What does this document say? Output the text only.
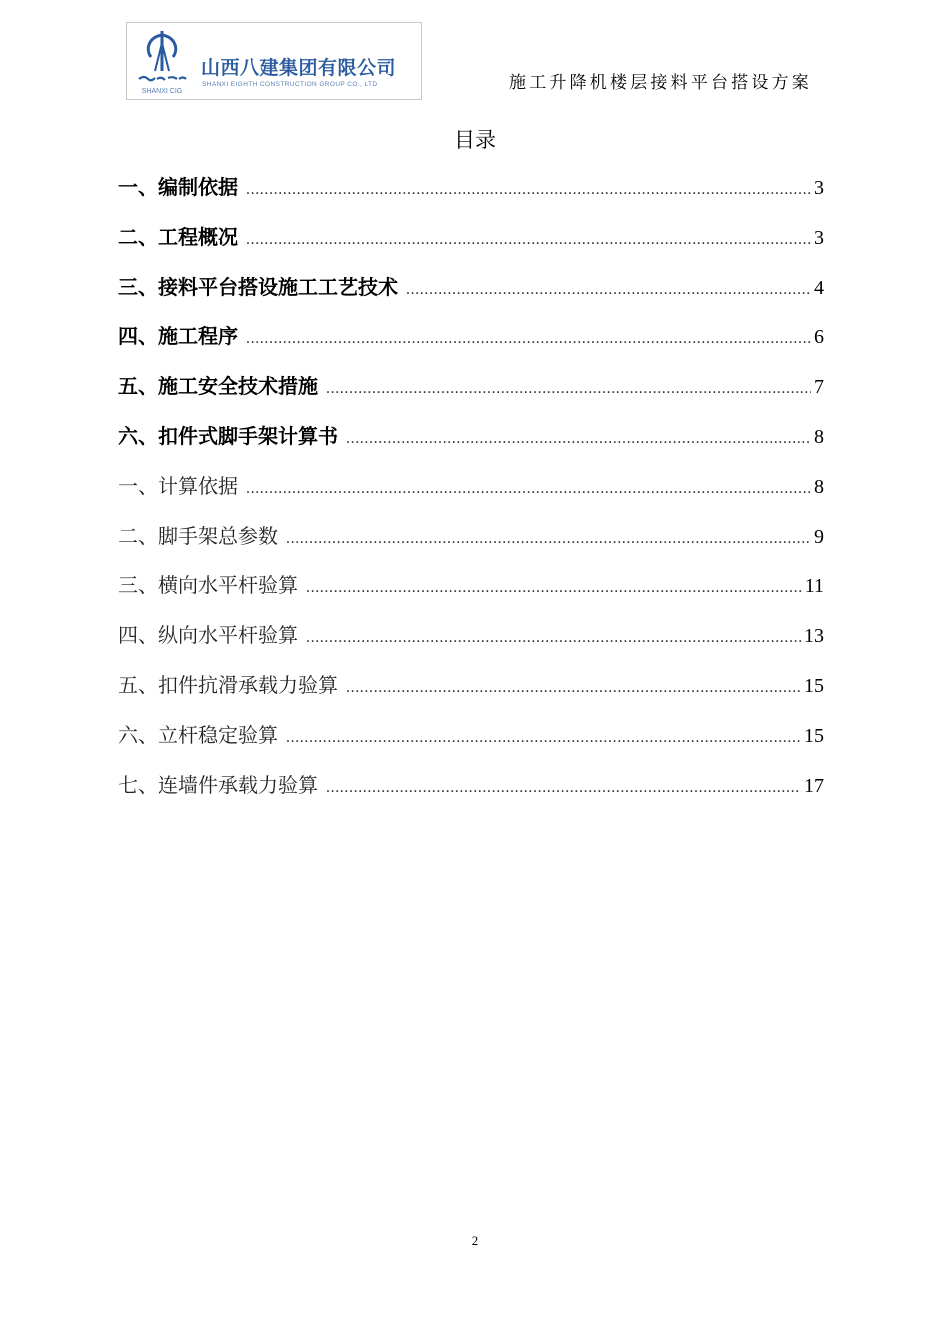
SHANXI CIG
山西八建集团有限公司
SHANXI EIGHTH CONSTRUCTION GROUP CO., LTD	施工升降机楼层接料平台搭设方案
目录
一、编制依据 .....	3
二、工程概况 .....	3
三、接料平台搭设施工工艺技术 .....	4
四、施工程序 .....	6
五、施工安全技术措施 .....	7
六、扣件式脚手架计算书 .....	8
一、计算依据 .....	8
二、脚手架总参数 .....	9
三、横向水平杆验算 .....	11
四、纵向水平杆验算 .....	13
五、扣件抗滑承载力验算 .....	15
六、立杆稳定验算 .....	15
七、连墙件承载力验算 .....	17
2
